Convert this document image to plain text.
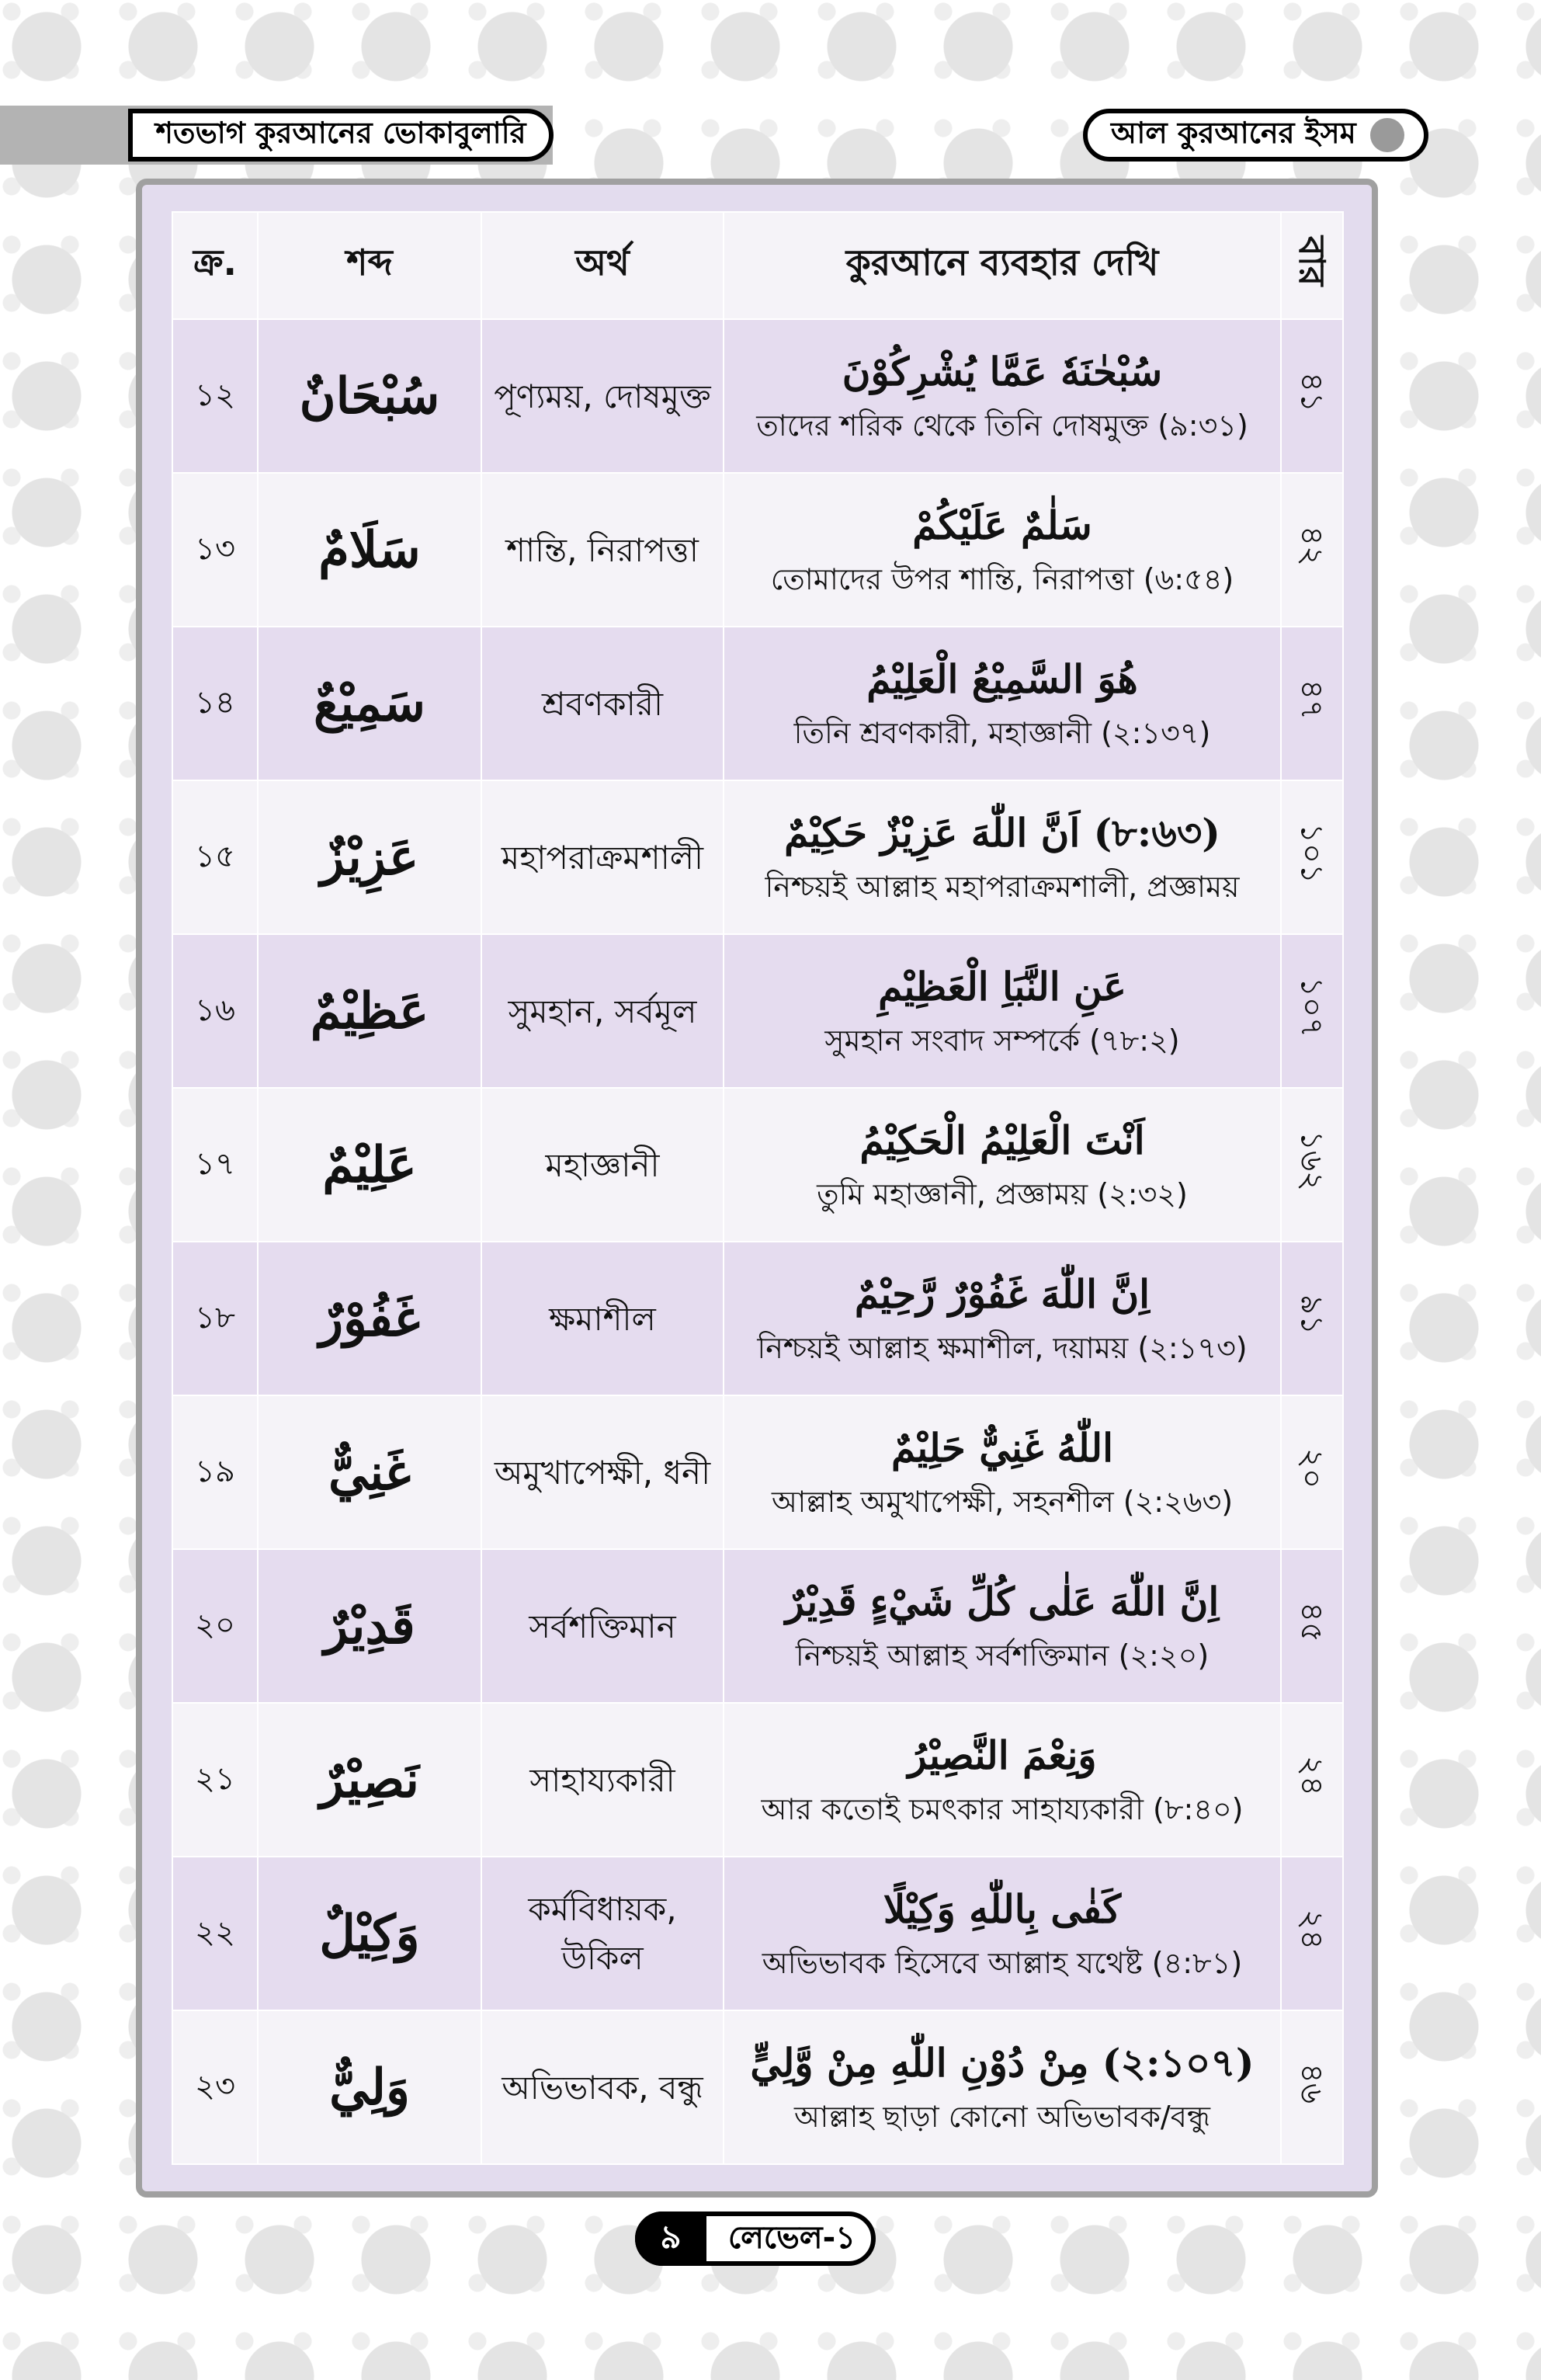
শতভাগ কুরআনের ভোকাবুলারি	আল কুরআনের ইসম
ক্র.	শব্দ	অর্থ	কুরআনে ব্যবহার দেখি	বার
১২	سُبْحَانٌ	পূণ্যময়, দোষমুক্ত	سُبْحٰنَهٗ عَمَّا يُشْرِكُوْنَ
তাদের শরিক থেকে তিনি দোষমুক্ত (৯:৩১)	৪১
১৩	سَلَامٌ	শান্তি, নিরাপত্তা	سَلٰمٌ عَلَيْكُمْ
তোমাদের উপর শান্তি, নিরাপত্তা (৬:৫৪)	৪২
১৪	سَمِيْعٌ	শ্রবণকারী	هُوَ السَّمِيْعُ الْعَلِيْمُ
তিনি শ্রবণকারী, মহাজ্ঞানী (২:১৩৭)	৪৭
১৫	عَزِيْزٌ	মহাপরাক্রমশালী	(৮:৬৩) اَنَّ اللّٰهَ عَزِيْزٌ حَكِيْمٌ
নিশ্চয়ই আল্লাহ মহাপরাক্রমশালী, প্রজ্ঞাময়	১০১
১৬	عَظِيْمٌ	সুমহান, সর্বমূল	عَنِ النَّبَاِ الْعَظِيْمِ
সুমহান সংবাদ সম্পর্কে (৭৮:২)	১০৭
১৭	عَلِيْمٌ	মহাজ্ঞানী	اَنْتَ الْعَلِيْمُ الْحَكِيْمُ
তুমি মহাজ্ঞানী, প্রজ্ঞাময় (২:৩২)	১৬২
১৮	غَفُوْرٌ	ক্ষমাশীল	اِنَّ اللّٰهَ غَفُوْرٌ رَّحِيْمٌ
নিশ্চয়ই আল্লাহ ক্ষমাশীল, দয়াময় (২:১৭৩)	৯১
১৯	غَنِيٌّ	অমুখাপেক্ষী, ধনী	اللّٰهُ غَنِيٌّ حَلِيْمٌ
আল্লাহ অমুখাপেক্ষী, সহনশীল (২:২৬৩)	২০
২০	قَدِيْرٌ	সর্বশক্তিমান	اِنَّ اللّٰهَ عَلٰى كُلِّ شَيْءٍ قَدِيْرٌ
নিশ্চয়ই আল্লাহ সর্বশক্তিমান (২:২০)	৪৫
২১	نَصِيْرٌ	সাহায্যকারী	وَنِعْمَ النَّصِيْرُ
আর কতোই চমৎকার সাহায্যকারী (৮:৪০)	২৪
২২	وَكِيْلٌ	কর্মবিধায়ক, উকিল	كَفٰى بِاللّٰهِ وَكِيْلًا
অভিভাবক হিসেবে আল্লাহ যথেষ্ট (৪:৮১)	২৪
২৩	وَلِيٌّ	অভিভাবক, বন্ধু	(২:১০৭) مِنْ دُوْنِ اللّٰهِ مِنْ وَّلِيٍّ
আল্লাহ ছাড়া কোনো অভিভাবক/বন্ধু	৪৬
৯	লেভেল-১
